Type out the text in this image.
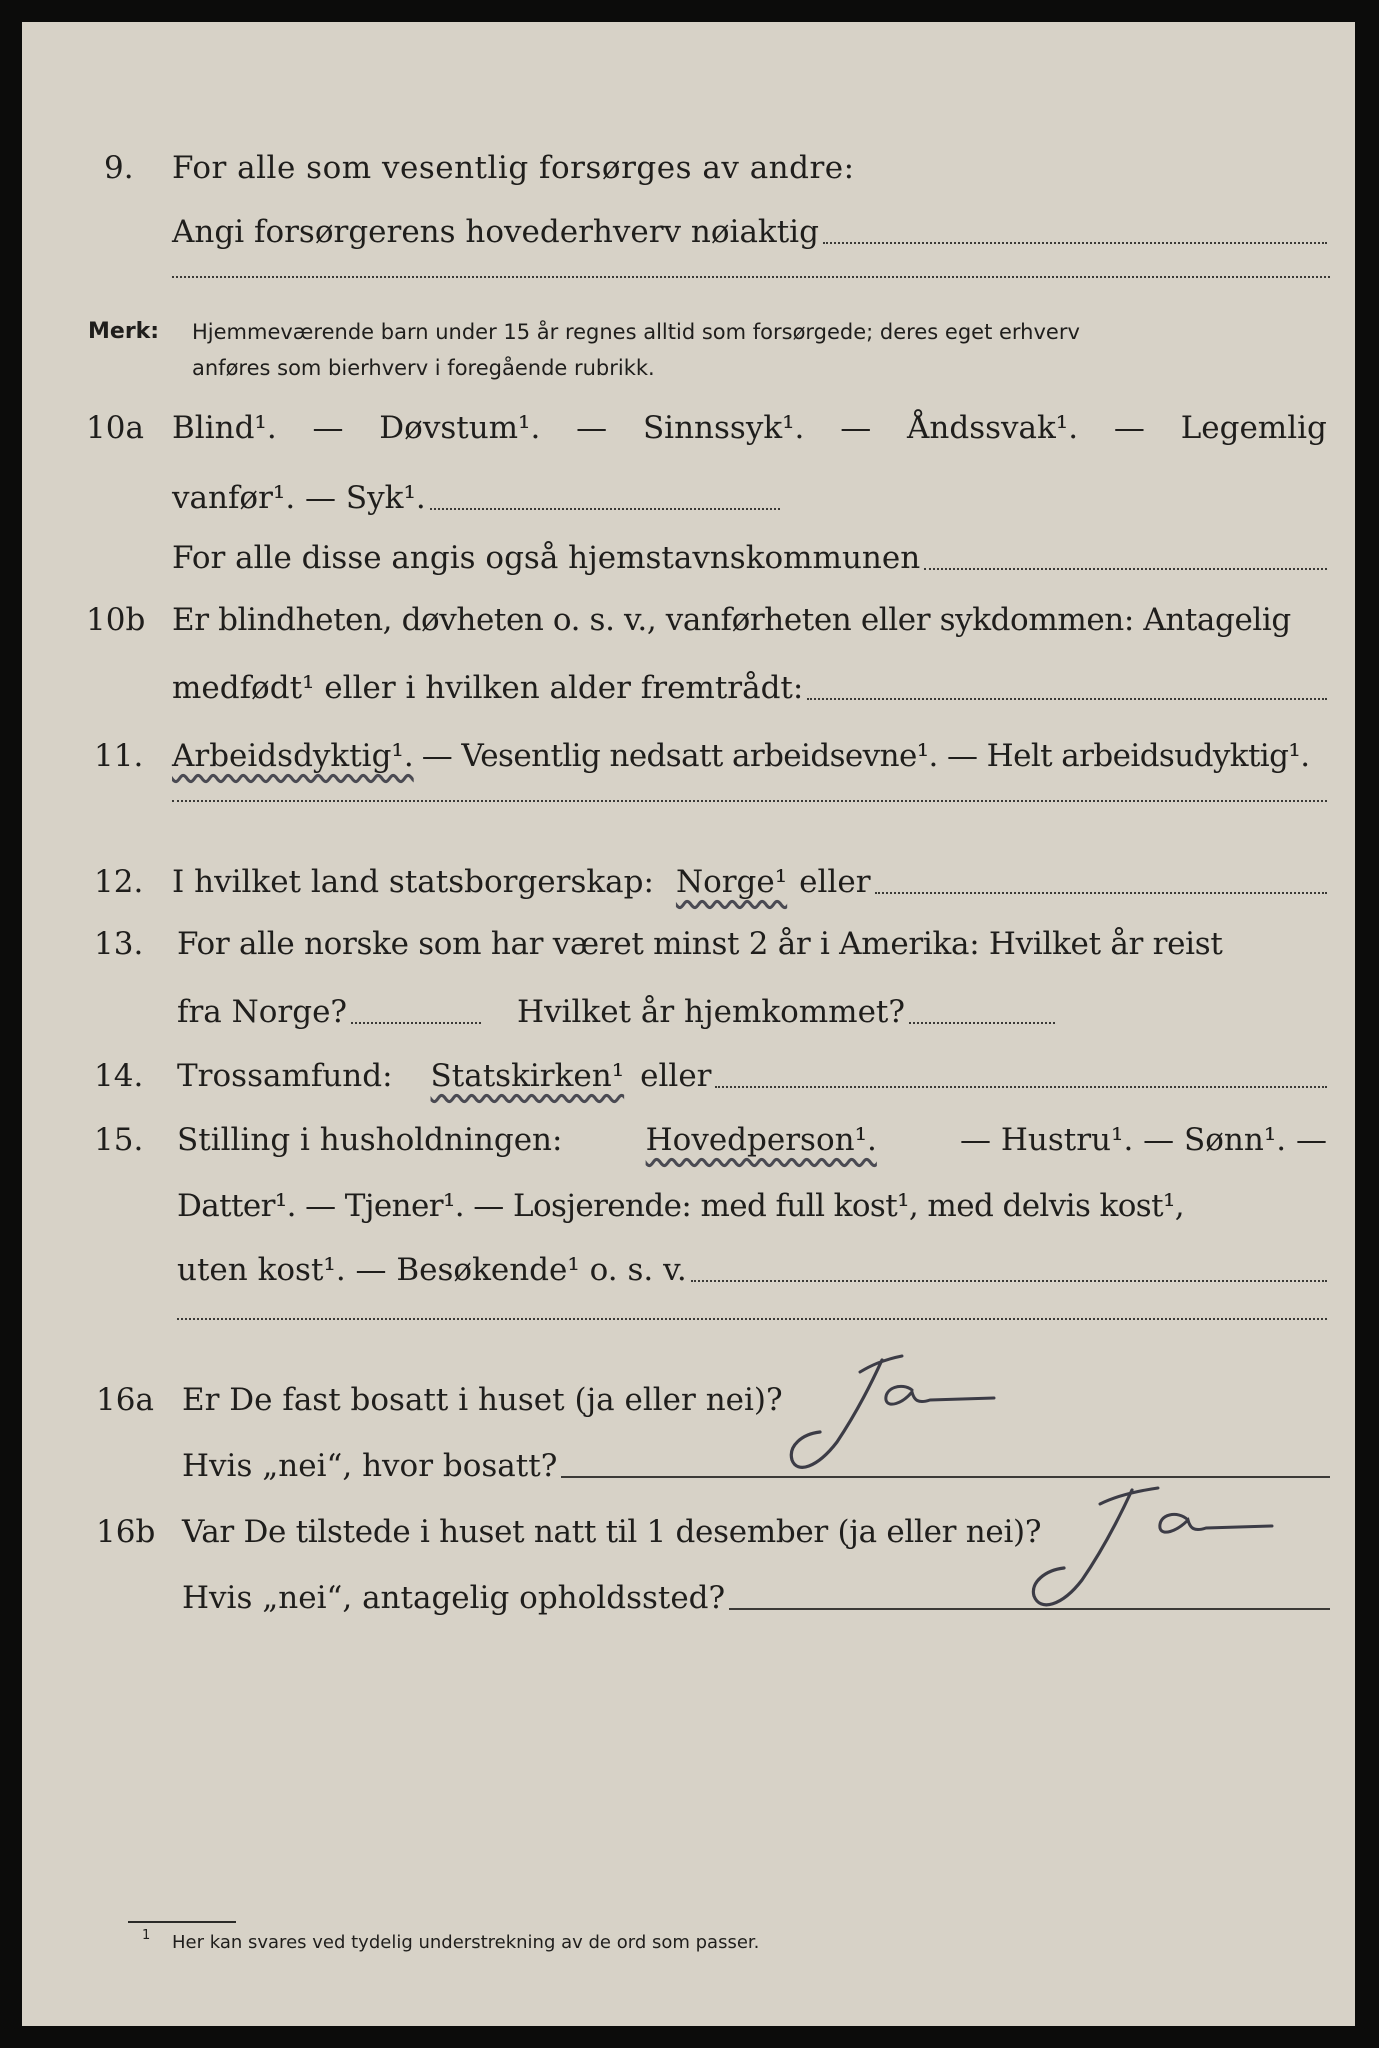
9. For alle som vesentlig forsørges av andre:
Angi forsørgerens hovederhverv nøiaktig
Merk: Hjemmeværende barn under 15 år regnes alltid som forsørgede; deres eget erhverv
anføres som bierhverv i foregående rubrikk.
10a Blind¹. — Døvstum¹. — Sinnssyk¹. — Åndssvak¹. — Legemlig
vanfør¹. — Syk¹.
For alle disse angis også hjemstavnskommunen
10b Er blindheten, døvheten o. s. v., vanførheten eller sykdommen: Antagelig
medfødt¹ eller i hvilken alder fremtrådt:
11. Arbeidsdyktig¹. — Vesentlig nedsatt arbeidsevne¹. — Helt arbeidsudyktig¹.
12. I hvilket land statsborgerskap: Norge¹ eller
13. For alle norske som har været minst 2 år i Amerika: Hvilket år reist
fra Norge?	Hvilket år hjemkommet?
14. Trossamfund: Statskirken¹ eller
15. Stilling i husholdningen:	Hovedperson¹.	— Hustru¹. — Sønn¹. —
Datter¹. — Tjener¹. — Losjerende: med full kost¹, med delvis kost¹,
uten kost¹. — Besøkende¹ o. s. v.
16a Er De fast bosatt i huset (ja eller nei)?
Hvis „nei“, hvor bosatt?
16b Var De tilstede i huset natt til 1 desember (ja eller nei)?
Hvis „nei“, antagelig opholdssted?
1 Her kan svares ved tydelig understrekning av de ord som passer.
